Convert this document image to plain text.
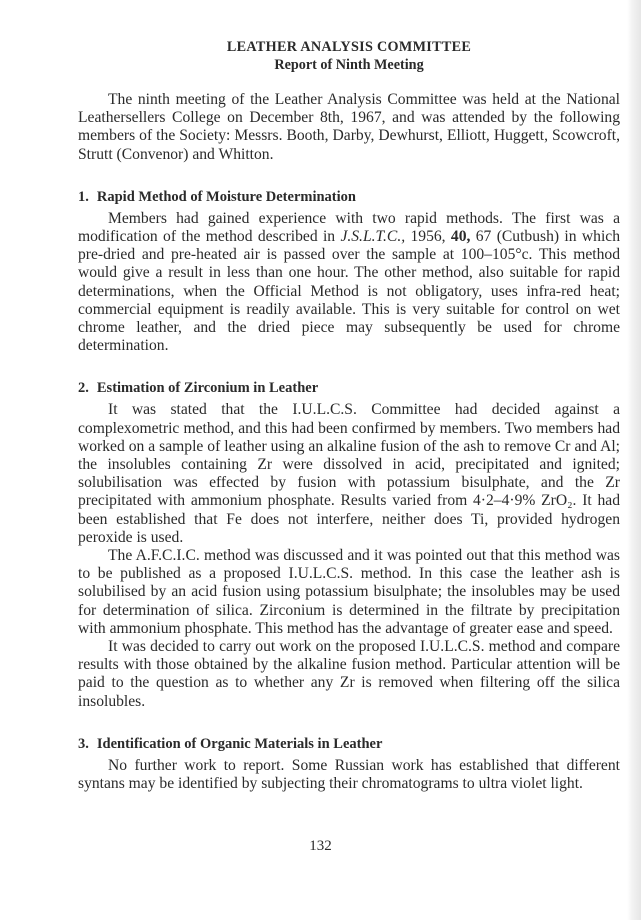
LEATHER ANALYSIS COMMITTEE
Report of Ninth Meeting

The ninth meeting of the Leather Analysis Committee was held at the National Leathersellers College on December 8th, 1967, and was attended by the following members of the Society: Messrs. Booth, Darby, Dewhurst, Elliott, Huggett, Scowcroft, Strutt (Convenor) and Whitton.

1. Rapid Method of Moisture Determination

Members had gained experience with two rapid methods. The first was a modification of the method described in J.S.L.T.C., 1956, 40, 67 (Cutbush) in which pre-dried and pre-heated air is passed over the sample at 100–105°c. This method would give a result in less than one hour. The other method, also suitable for rapid determinations, when the Official Method is not obligatory, uses infra-red heat; commercial equipment is readily available. This is very suitable for control on wet chrome leather, and the dried piece may subsequently be used for chrome determination.

2. Estimation of Zirconium in Leather

It was stated that the I.U.L.C.S. Committee had decided against a complexometric method, and this had been confirmed by members. Two members had worked on a sample of leather using an alkaline fusion of the ash to remove Cr and Al; the insolubles containing Zr were dissolved in acid, precipitated and ignited; solubilisation was effected by fusion with potassium bisulphate, and the Zr precipitated with ammonium phosphate. Results varied from 4·2–4·9% ZrO₂. It had been established that Fe does not interfere, neither does Ti, provided hydrogen peroxide is used.

The A.F.C.I.C. method was discussed and it was pointed out that this method was to be published as a proposed I.U.L.C.S. method. In this case the leather ash is solubilised by an acid fusion using potassium bisulphate; the insolubles may be used for determination of silica. Zirconium is determined in the filtrate by precipitation with ammonium phosphate. This method has the advantage of greater ease and speed.

It was decided to carry out work on the proposed I.U.L.C.S. method and compare results with those obtained by the alkaline fusion method. Particular attention will be paid to the question as to whether any Zr is removed when filtering off the silica insolubles.

3. Identification of Organic Materials in Leather

No further work to report. Some Russian work has established that different syntans may be identified by subjecting their chromatograms to ultra violet light.

132
